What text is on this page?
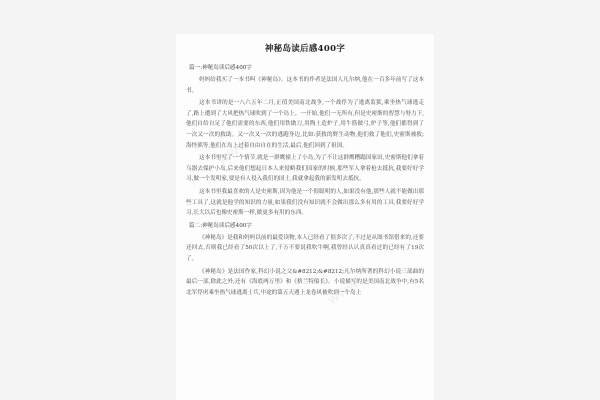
www
www
神秘岛读后感400字
篇一:神秘岛读后感400字

妈妈给我买了一本书叫《神秘岛》。这本书的作者是法国人凡尔纳,他在一百多年前写了这本书。

这本书讲的是一八六五年二月,正值美国南北战争,一个战俘为了逃离监狱,乘坐热气球逃走了,路上遭到了大风把热气球吹到了一个岛上。一开始,他们一无所有,但是史密斯的智慧与努力下,他们自给自足了他们需要的东西,他们用铁做刀,用陶土造炉子,用牛筋做弓,炉子等,他们都得到了一次又一次的救助。又一次又一次的逃跑身边,比如:获救的野生动物,他们救了他们,史密斯被救;海怪熊等,他们在岛上过着自由自在的生活,最后,他们回到了祖国。

这本书里写了一个情节,就是一群鹰撞上了小岛,为了不让这群鹰糟蹋国家田,史密斯他们拿着乌器去保护小岛,后来他们想起日本人来侵略我们国家的时候,那些军人拿着枪去抵抗,我要好好学习,做一个发明家,要是有人侵入我们的国土,我就拿起我的新发明去抵抗。

这本书里我最喜欢的人是史密斯,因为他是一个很聪明的人,如果没有他,那些人就不能做出那些工具了,这就是他学的知识的力量,如果我们没有知识就不会做出那么多有用的工具,我要好好学习,长大以后也像史密斯一样,做更多有用的东西。

篇二:神秘岛读后感400字

《神秘岛》是我和妈妈以前的最爱读物,本人已经看了很多次了,不过是从图书馆借来的,还要还回去,否则我已经看了50次以上了,千万不要说我吹牛啊,我曾经认认真真看过的已经有了19次了。

《神秘岛》是法国作家,科幻小说之父&#8212;&#8212;凡尔纳所著的科幻小说三部曲的最后一部,除此之外,还有《海底两万里》和《格兰特船长》。小说描写的是美国南北战争中,有5名北军俘虏乘坐热气球逃离士兵,中途的第五天遇上龙卷风被吹到一个岛上
